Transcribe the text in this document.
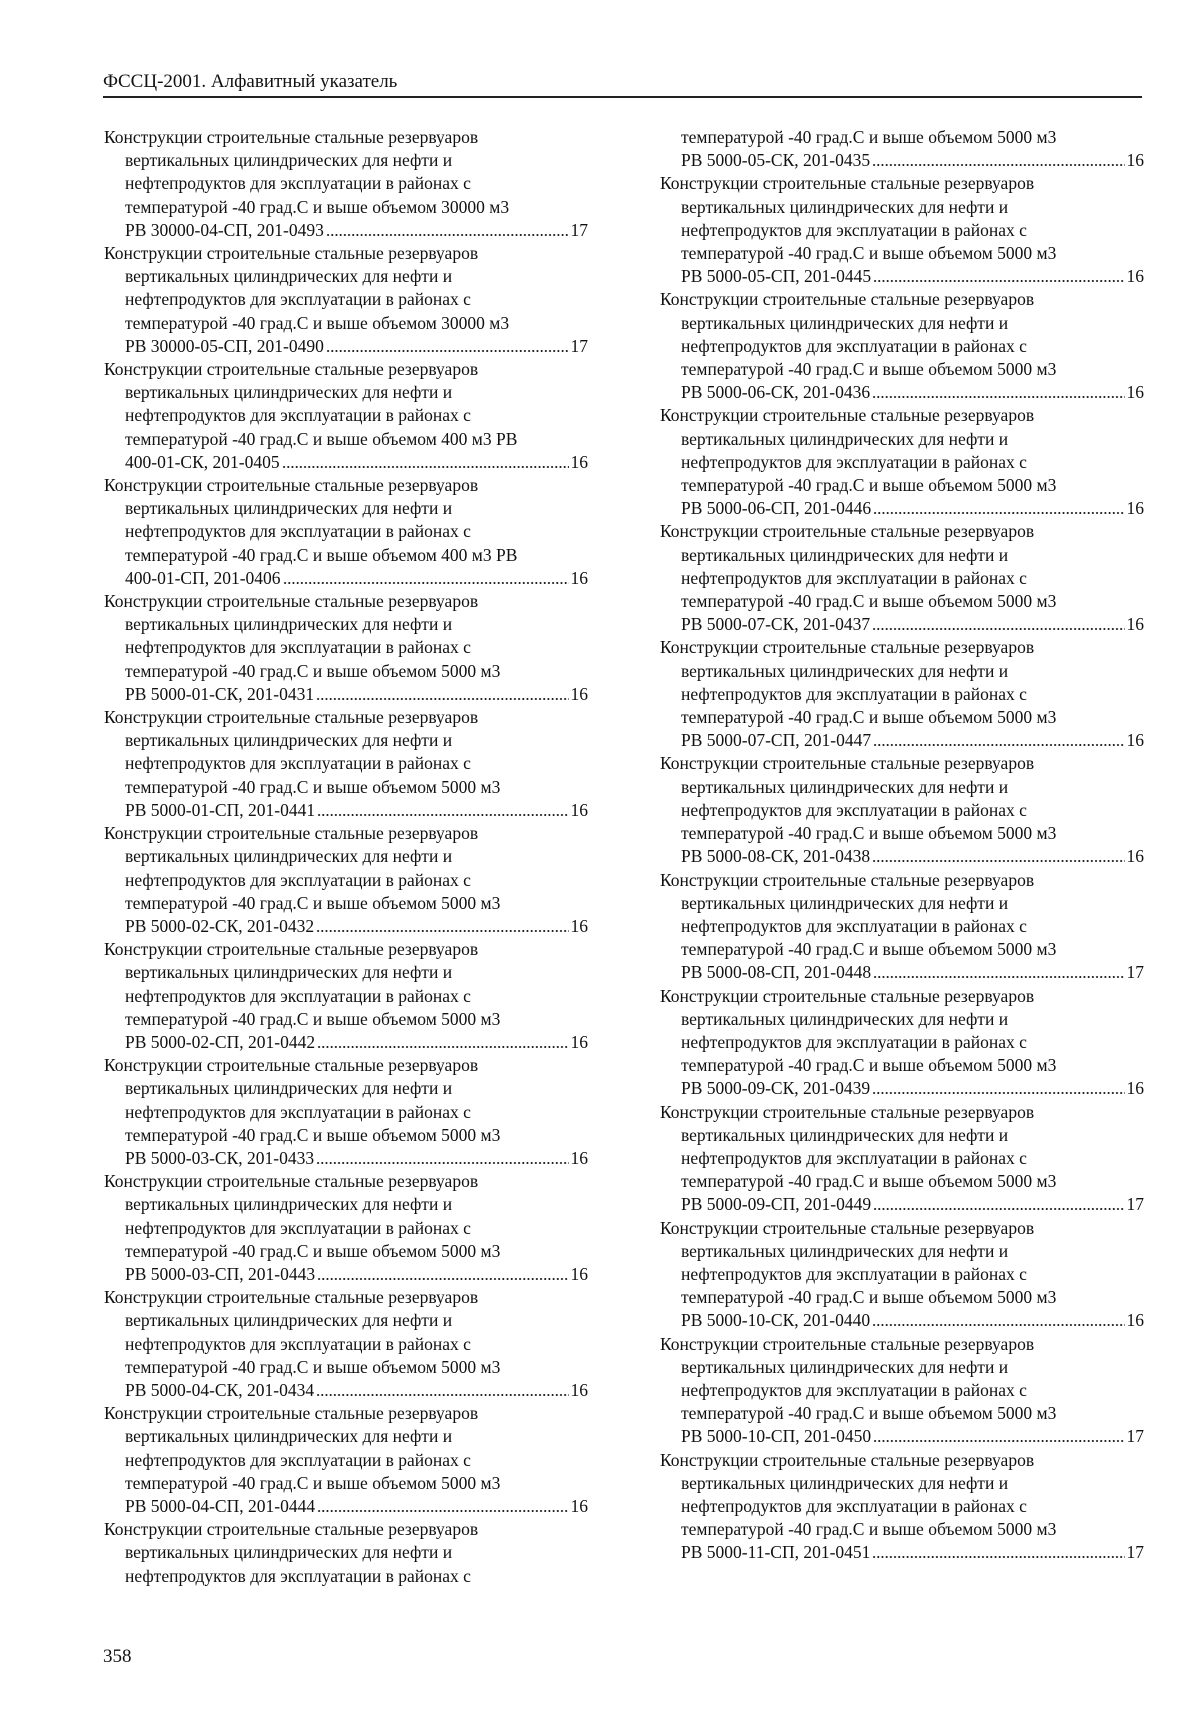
ФССЦ-2001. Алфавитный указатель
Конструкции строительные стальные резервуаров
вертикальных цилиндрических для нефти и
нефтепродуктов для эксплуатации в районах с
температурой -40 град.С и выше объемом 30000 м3
РВ 30000-04-СП, 201-0493	17
Конструкции строительные стальные резервуаров
вертикальных цилиндрических для нефти и
нефтепродуктов для эксплуатации в районах с
температурой -40 град.С и выше объемом 30000 м3
РВ 30000-05-СП, 201-0490	17
Конструкции строительные стальные резервуаров
вертикальных цилиндрических для нефти и
нефтепродуктов для эксплуатации в районах с
температурой -40 град.С и выше объемом 400 м3 РВ
400-01-СК, 201-0405	16
Конструкции строительные стальные резервуаров
вертикальных цилиндрических для нефти и
нефтепродуктов для эксплуатации в районах с
температурой -40 град.С и выше объемом 400 м3 РВ
400-01-СП, 201-0406	16
Конструкции строительные стальные резервуаров
вертикальных цилиндрических для нефти и
нефтепродуктов для эксплуатации в районах с
температурой -40 град.С и выше объемом 5000 м3
РВ 5000-01-СК, 201-0431	16
Конструкции строительные стальные резервуаров
вертикальных цилиндрических для нефти и
нефтепродуктов для эксплуатации в районах с
температурой -40 град.С и выше объемом 5000 м3
РВ 5000-01-СП, 201-0441	16
Конструкции строительные стальные резервуаров
вертикальных цилиндрических для нефти и
нефтепродуктов для эксплуатации в районах с
температурой -40 град.С и выше объемом 5000 м3
РВ 5000-02-СК, 201-0432	16
Конструкции строительные стальные резервуаров
вертикальных цилиндрических для нефти и
нефтепродуктов для эксплуатации в районах с
температурой -40 град.С и выше объемом 5000 м3
РВ 5000-02-СП, 201-0442	16
Конструкции строительные стальные резервуаров
вертикальных цилиндрических для нефти и
нефтепродуктов для эксплуатации в районах с
температурой -40 град.С и выше объемом 5000 м3
РВ 5000-03-СК, 201-0433	16
Конструкции строительные стальные резервуаров
вертикальных цилиндрических для нефти и
нефтепродуктов для эксплуатации в районах с
температурой -40 град.С и выше объемом 5000 м3
РВ 5000-03-СП, 201-0443	16
Конструкции строительные стальные резервуаров
вертикальных цилиндрических для нефти и
нефтепродуктов для эксплуатации в районах с
температурой -40 град.С и выше объемом 5000 м3
РВ 5000-04-СК, 201-0434	16
Конструкции строительные стальные резервуаров
вертикальных цилиндрических для нефти и
нефтепродуктов для эксплуатации в районах с
температурой -40 град.С и выше объемом 5000 м3
РВ 5000-04-СП, 201-0444	16
Конструкции строительные стальные резервуаров
вертикальных цилиндрических для нефти и
нефтепродуктов для эксплуатации в районах с
температурой -40 град.С и выше объемом 5000 м3
РВ 5000-05-СК, 201-0435	16
Конструкции строительные стальные резервуаров
вертикальных цилиндрических для нефти и
нефтепродуктов для эксплуатации в районах с
температурой -40 град.С и выше объемом 5000 м3
РВ 5000-05-СП, 201-0445	16
Конструкции строительные стальные резервуаров
вертикальных цилиндрических для нефти и
нефтепродуктов для эксплуатации в районах с
температурой -40 град.С и выше объемом 5000 м3
РВ 5000-06-СК, 201-0436	16
Конструкции строительные стальные резервуаров
вертикальных цилиндрических для нефти и
нефтепродуктов для эксплуатации в районах с
температурой -40 град.С и выше объемом 5000 м3
РВ 5000-06-СП, 201-0446	16
Конструкции строительные стальные резервуаров
вертикальных цилиндрических для нефти и
нефтепродуктов для эксплуатации в районах с
температурой -40 град.С и выше объемом 5000 м3
РВ 5000-07-СК, 201-0437	16
Конструкции строительные стальные резервуаров
вертикальных цилиндрических для нефти и
нефтепродуктов для эксплуатации в районах с
температурой -40 град.С и выше объемом 5000 м3
РВ 5000-07-СП, 201-0447	16
Конструкции строительные стальные резервуаров
вертикальных цилиндрических для нефти и
нефтепродуктов для эксплуатации в районах с
температурой -40 град.С и выше объемом 5000 м3
РВ 5000-08-СК, 201-0438	16
Конструкции строительные стальные резервуаров
вертикальных цилиндрических для нефти и
нефтепродуктов для эксплуатации в районах с
температурой -40 град.С и выше объемом 5000 м3
РВ 5000-08-СП, 201-0448	17
Конструкции строительные стальные резервуаров
вертикальных цилиндрических для нефти и
нефтепродуктов для эксплуатации в районах с
температурой -40 град.С и выше объемом 5000 м3
РВ 5000-09-СК, 201-0439	16
Конструкции строительные стальные резервуаров
вертикальных цилиндрических для нефти и
нефтепродуктов для эксплуатации в районах с
температурой -40 град.С и выше объемом 5000 м3
РВ 5000-09-СП, 201-0449	17
Конструкции строительные стальные резервуаров
вертикальных цилиндрических для нефти и
нефтепродуктов для эксплуатации в районах с
температурой -40 град.С и выше объемом 5000 м3
РВ 5000-10-СК, 201-0440	16
Конструкции строительные стальные резервуаров
вертикальных цилиндрических для нефти и
нефтепродуктов для эксплуатации в районах с
температурой -40 град.С и выше объемом 5000 м3
РВ 5000-10-СП, 201-0450	17
Конструкции строительные стальные резервуаров
вертикальных цилиндрических для нефти и
нефтепродуктов для эксплуатации в районах с
температурой -40 град.С и выше объемом 5000 м3
РВ 5000-11-СП, 201-0451	17
358
